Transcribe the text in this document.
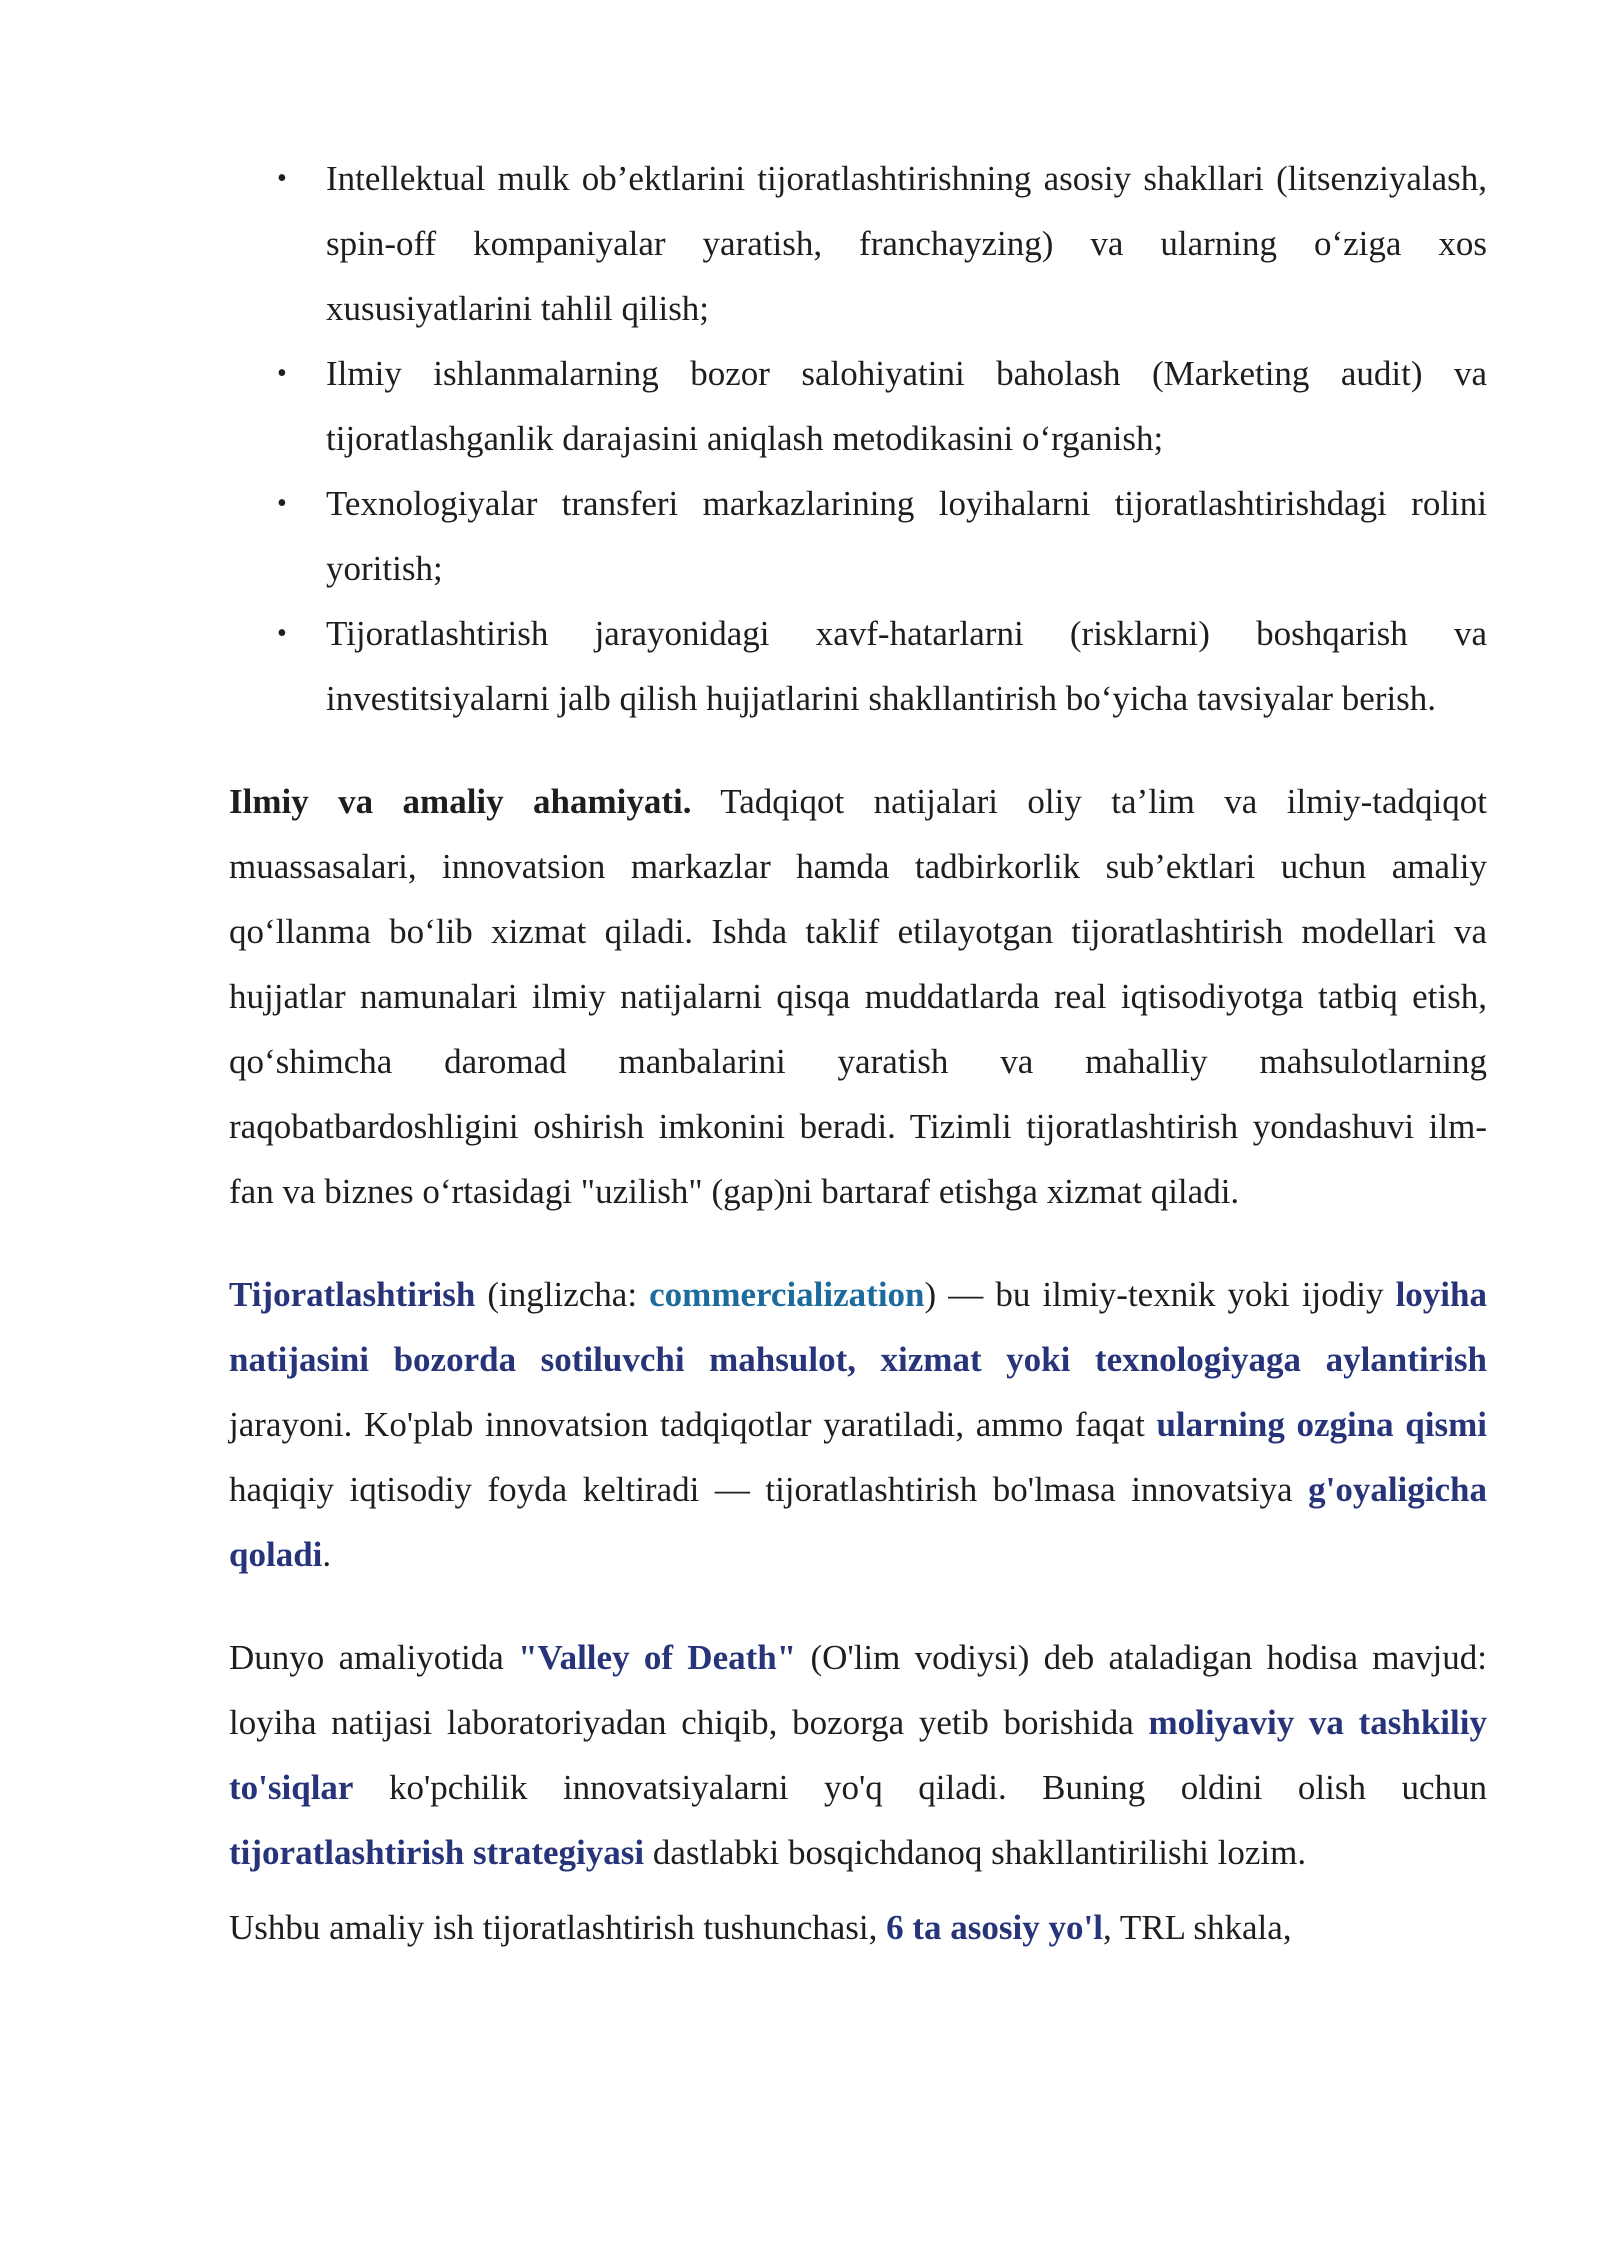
• Intellektual mulk ob’ektlarini tijoratlashtirishning asosiy shakllari (litsenziyalash, spin-off kompaniyalar yaratish, franchayzing) va ularning o‘ziga xos xususiyatlarini tahlil qilish;
• Ilmiy ishlanmalarning bozor salohiyatini baholash (Marketing audit) va tijoratlashganlik darajasini aniqlash metodikasini o‘rganish;
• Texnologiyalar transferi markazlarining loyihalarni tijoratlashtirishdagi rolini yoritish;
• Tijoratlashtirish jarayonidagi xavf-hatarlarni (risklarni) boshqarish va investitsiyalarni jalb qilish hujjatlarini shakllantirish bo‘yicha tavsiyalar berish.

Ilmiy va amaliy ahamiyati. Tadqiqot natijalari oliy ta’lim va ilmiy-tadqiqot muassasalari, innovatsion markazlar hamda tadbirkorlik sub’ektlari uchun amaliy qo‘llanma bo‘lib xizmat qiladi. Ishda taklif etilayotgan tijoratlashtirish modellari va hujjatlar namunalari ilmiy natijalarni qisqa muddatlarda real iqtisodiyotga tatbiq etish, qo‘shimcha daromad manbalarini yaratish va mahalliy mahsulotlarning raqobatbardoshligini oshirish imkonini beradi. Tizimli tijoratlashtirish yondashuvi ilm-fan va biznes o‘rtasidagi "uzilish" (gap)ni bartaraf etishga xizmat qiladi.

Tijoratlashtirish (inglizcha: commercialization) — bu ilmiy-texnik yoki ijodiy loyiha natijasini bozorda sotiluvchi mahsulot, xizmat yoki texnologiyaga aylantirish jarayoni. Ko'plab innovatsion tadqiqotlar yaratiladi, ammo faqat ularning ozgina qismi haqiqiy iqtisodiy foyda keltiradi — tijoratlashtirish bo'lmasa innovatsiya g'oyaligicha qoladi.

Dunyo amaliyotida "Valley of Death" (O'lim vodiysi) deb ataladigan hodisa mavjud: loyiha natijasi laboratoriyadan chiqib, bozorga yetib borishida moliyaviy va tashkiliy to'siqlar ko'pchilik innovatsiyalarni yo'q qiladi. Buning oldini olish uchun tijoratlashtirish strategiyasi dastlabki bosqichdanoq shakllantirilishi lozim.

Ushbu amaliy ish tijoratlashtirish tushunchasi, 6 ta asosiy yo'l, TRL shkala,
